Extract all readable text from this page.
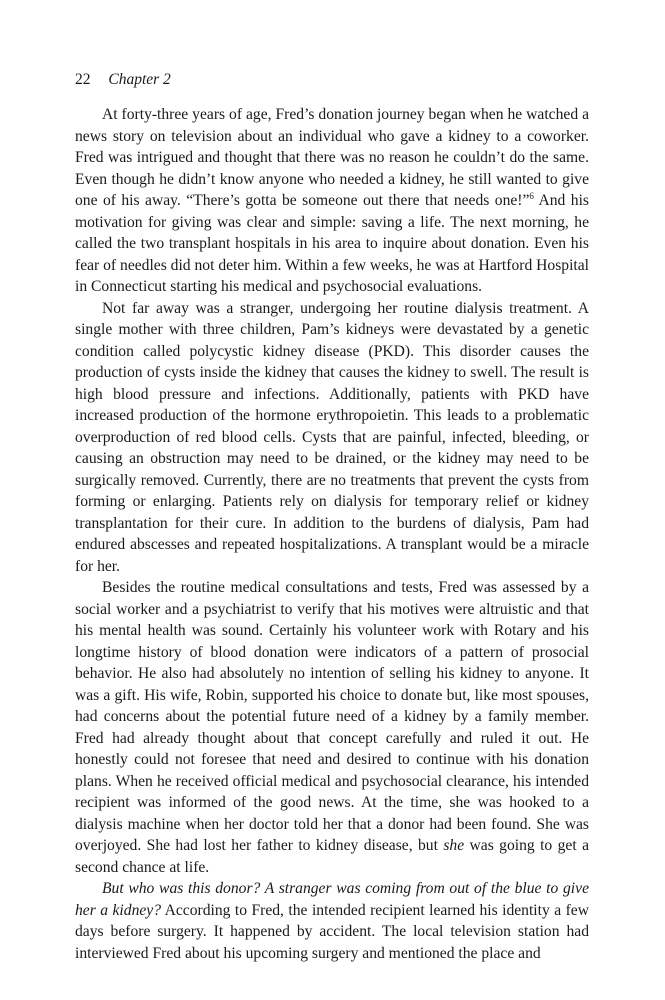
22 Chapter 2

At forty-three years of age, Fred’s donation journey began when he watched a news story on television about an individual who gave a kidney to a coworker. Fred was intrigued and thought that there was no reason he couldn’t do the same. Even though he didn’t know anyone who needed a kidney, he still wanted to give one of his away. “There’s gotta be someone out there that needs one!”$^6$ And his motivation for giving was clear and simple: saving a life. The next morning, he called the two transplant hospitals in his area to inquire about donation. Even his fear of needles did not deter him. Within a few weeks, he was at Hartford Hospital in Connecticut starting his medical and psychosocial evaluations.

Not far away was a stranger, undergoing her routine dialysis treatment. A single mother with three children, Pam’s kidneys were devastated by a genetic condition called polycystic kidney disease (PKD). This disorder causes the production of cysts inside the kidney that causes the kidney to swell. The result is high blood pressure and infections. Additionally, patients with PKD have increased production of the hormone erythropoietin. This leads to a problematic overproduction of red blood cells. Cysts that are painful, infected, bleeding, or causing an obstruction may need to be drained, or the kidney may need to be surgically removed. Currently, there are no treatments that prevent the cysts from forming or enlarging. Patients rely on dialysis for temporary relief or kidney transplantation for their cure. In addition to the burdens of dialysis, Pam had endured abscesses and repeated hospitalizations. A transplant would be a miracle for her.

Besides the routine medical consultations and tests, Fred was assessed by a social worker and a psychiatrist to verify that his motives were altruistic and that his mental health was sound. Certainly his volunteer work with Rotary and his longtime history of blood donation were indicators of a pattern of prosocial behavior. He also had absolutely no intention of selling his kidney to anyone. It was a gift. His wife, Robin, supported his choice to donate but, like most spouses, had concerns about the potential future need of a kidney by a family member. Fred had already thought about that concept carefully and ruled it out. He honestly could not foresee that need and desired to continue with his donation plans. When he received official medical and psychosocial clearance, his intended recipient was informed of the good news. At the time, she was hooked to a dialysis machine when her doctor told her that a donor had been found. She was overjoyed. She had lost her father to kidney disease, but she was going to get a second chance at life.

But who was this donor? A stranger was coming from out of the blue to give her a kidney? According to Fred, the intended recipient learned his identity a few days before surgery. It happened by accident. The local television station had interviewed Fred about his upcoming surgery and mentioned the place and
